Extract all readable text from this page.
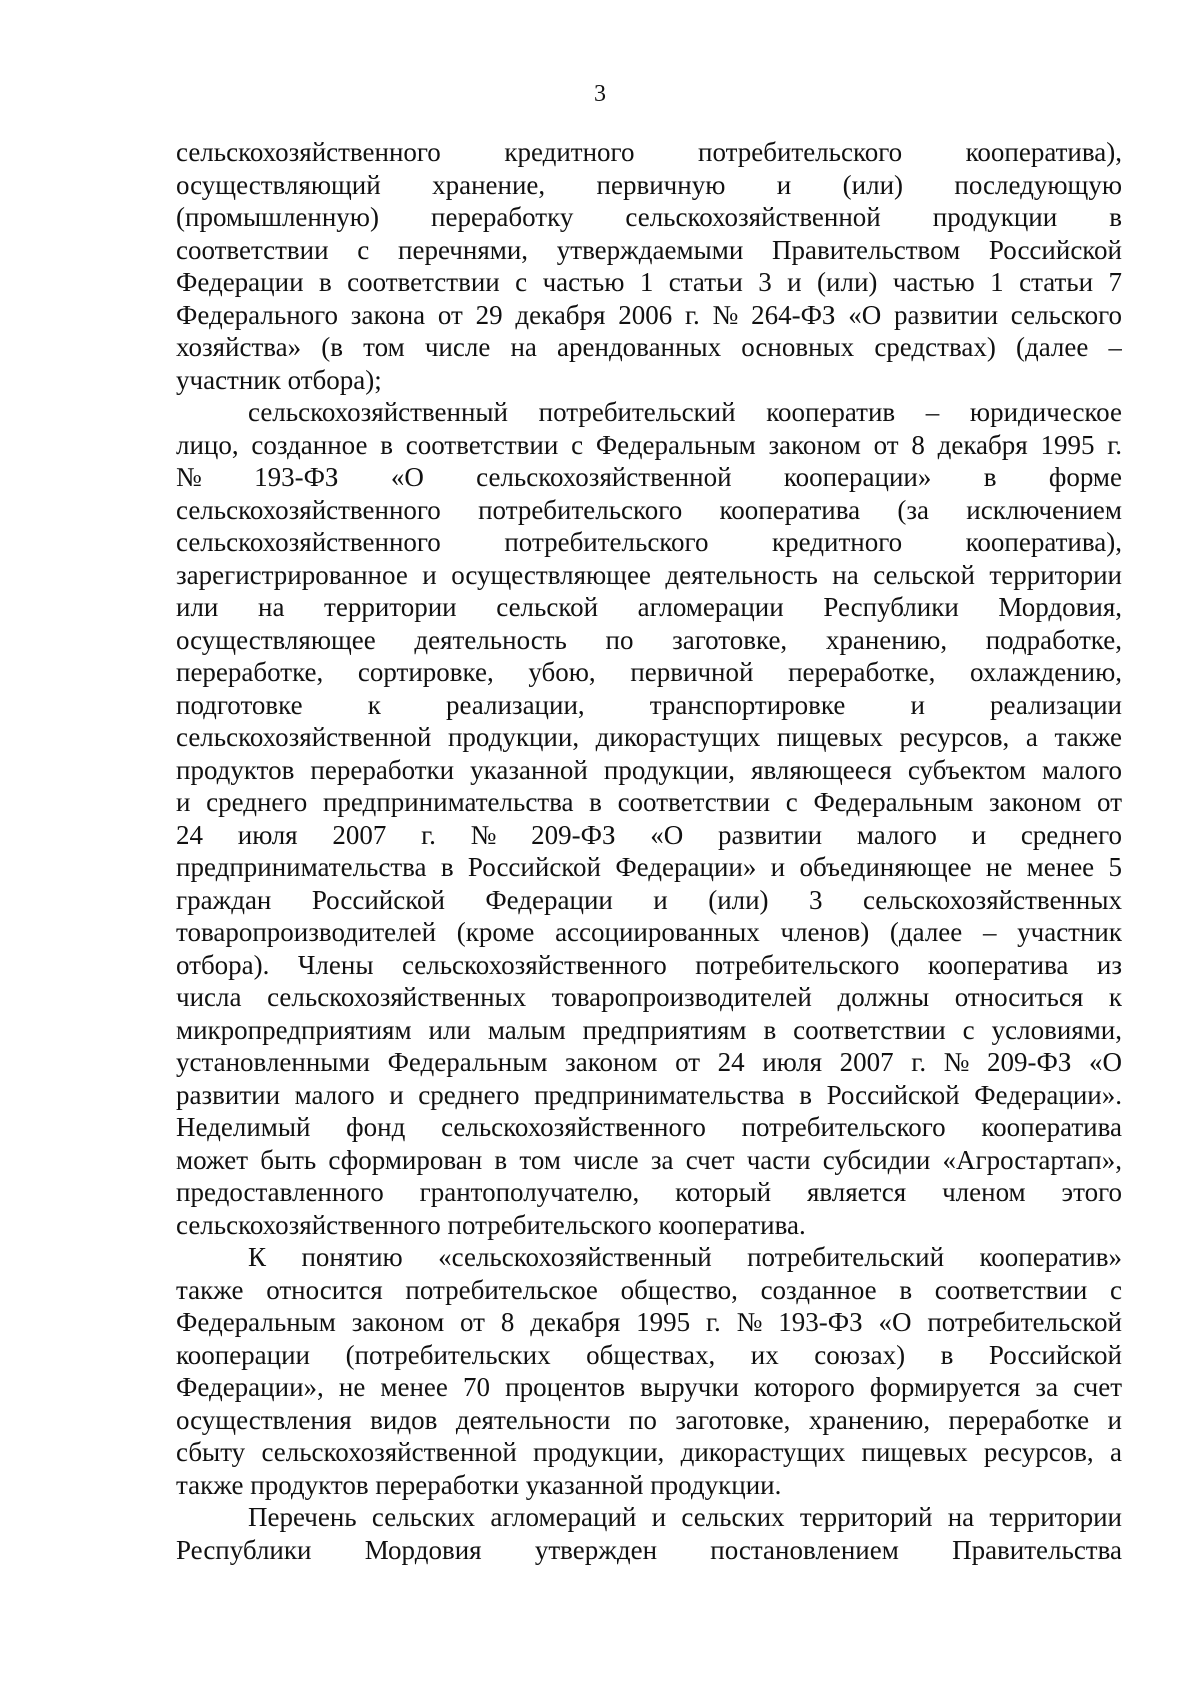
3
сельскохозяйственного кредитного потребительского кооператива),
осуществляющий хранение, первичную и (или) последующую
(промышленную) переработку сельскохозяйственной продукции в
соответствии с перечнями, утверждаемыми Правительством Российской
Федерации в соответствии с частью 1 статьи 3 и (или) частью 1 статьи 7
Федерального закона от 29 декабря 2006 г. № 264-ФЗ «О развитии сельского
хозяйства» (в том числе на арендованных основных средствах) (далее –
участник отбора);
сельскохозяйственный потребительский кооператив – юридическое
лицо, созданное в соответствии с Федеральным законом от 8 декабря 1995 г.
№ 193-ФЗ «О сельскохозяйственной кооперации» в форме
сельскохозяйственного потребительского кооператива (за исключением
сельскохозяйственного потребительского кредитного кооператива),
зарегистрированное и осуществляющее деятельность на сельской территории
или на территории сельской агломерации Республики Мордовия,
осуществляющее деятельность по заготовке, хранению, подработке,
переработке, сортировке, убою, первичной переработке, охлаждению,
подготовке к реализации, транспортировке и реализации
сельскохозяйственной продукции, дикорастущих пищевых ресурсов, а также
продуктов переработки указанной продукции, являющееся субъектом малого
и среднего предпринимательства в соответствии с Федеральным законом от
24 июля 2007 г. № 209-ФЗ «О развитии малого и среднего
предпринимательства в Российской Федерации» и объединяющее не менее 5
граждан Российской Федерации и (или) 3 сельскохозяйственных
товаропроизводителей (кроме ассоциированных членов) (далее – участник
отбора). Члены сельскохозяйственного потребительского кооператива из
числа сельскохозяйственных товаропроизводителей должны относиться к
микропредприятиям или малым предприятиям в соответствии с условиями,
установленными Федеральным законом от 24 июля 2007 г. № 209-ФЗ «О
развитии малого и среднего предпринимательства в Российской Федерации».
Неделимый фонд сельскохозяйственного потребительского кооператива
может быть сформирован в том числе за счет части субсидии «Агростартап»,
предоставленного грантополучателю, который является членом этого
сельскохозяйственного потребительского кооператива.
К понятию «сельскохозяйственный потребительский кооператив»
также относится потребительское общество, созданное в соответствии с
Федеральным законом от 8 декабря 1995 г. № 193-ФЗ «О потребительской
кооперации (потребительских обществах, их союзах) в Российской
Федерации», не менее 70 процентов выручки которого формируется за счет
осуществления видов деятельности по заготовке, хранению, переработке и
сбыту сельскохозяйственной продукции, дикорастущих пищевых ресурсов, а
также продуктов переработки указанной продукции.
Перечень сельских агломераций и сельских территорий на территории
Республики Мордовия утвержден постановлением Правительства
